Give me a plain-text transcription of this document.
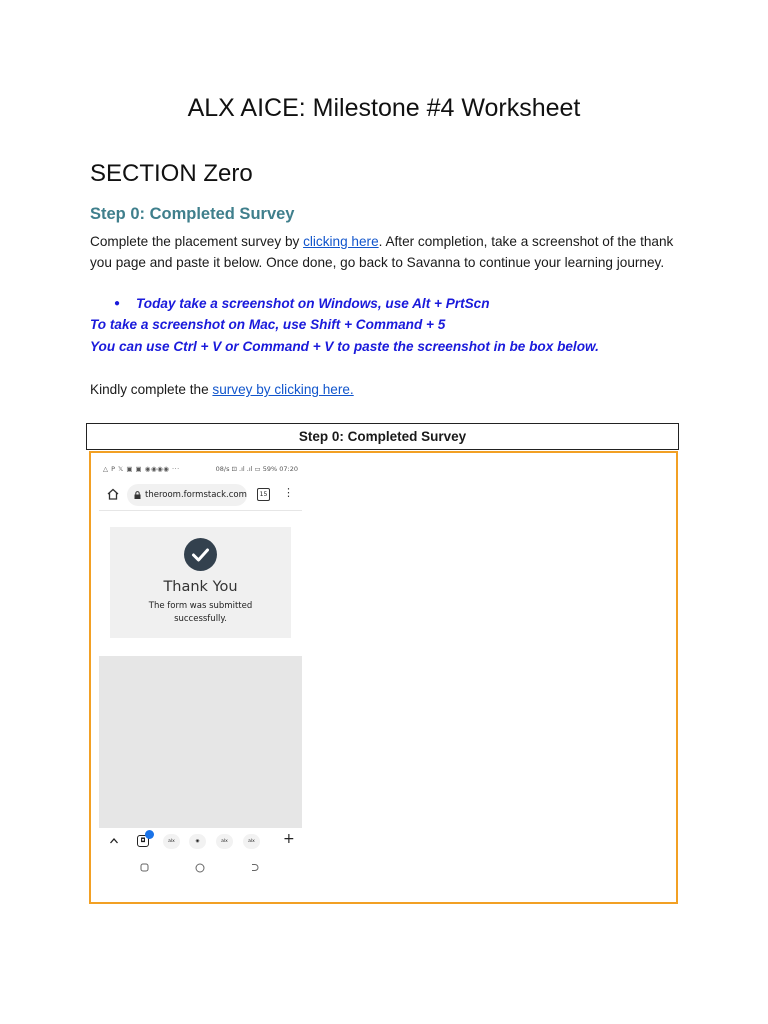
ALX AICE: Milestone #4 Worksheet
SECTION Zero
Step 0: Completed Survey

Complete the placement survey by clicking here. After completion, take a screenshot of the thank you page and paste it below. Once done, go back to Savanna to continue your learning journey.

● Today take a screenshot on Windows, use Alt + PrtScn

To take a screenshot on Mac, use Shift + Command + 5

You can use Ctrl + V or Command + V to paste the screenshot in be box below.

Kindly complete the survey by clicking here.

Step 0: Completed Survey
△ P 𝕏 ▣ ▣ ◉◉◉◉ ···	08/s ⊡ .ıl .ıl ▭ 59% 07:20
theroom.formstack.com	15 ⋮
Thank You
The form was submitted successfully.
◘	alx	◉	alx	alx	+
